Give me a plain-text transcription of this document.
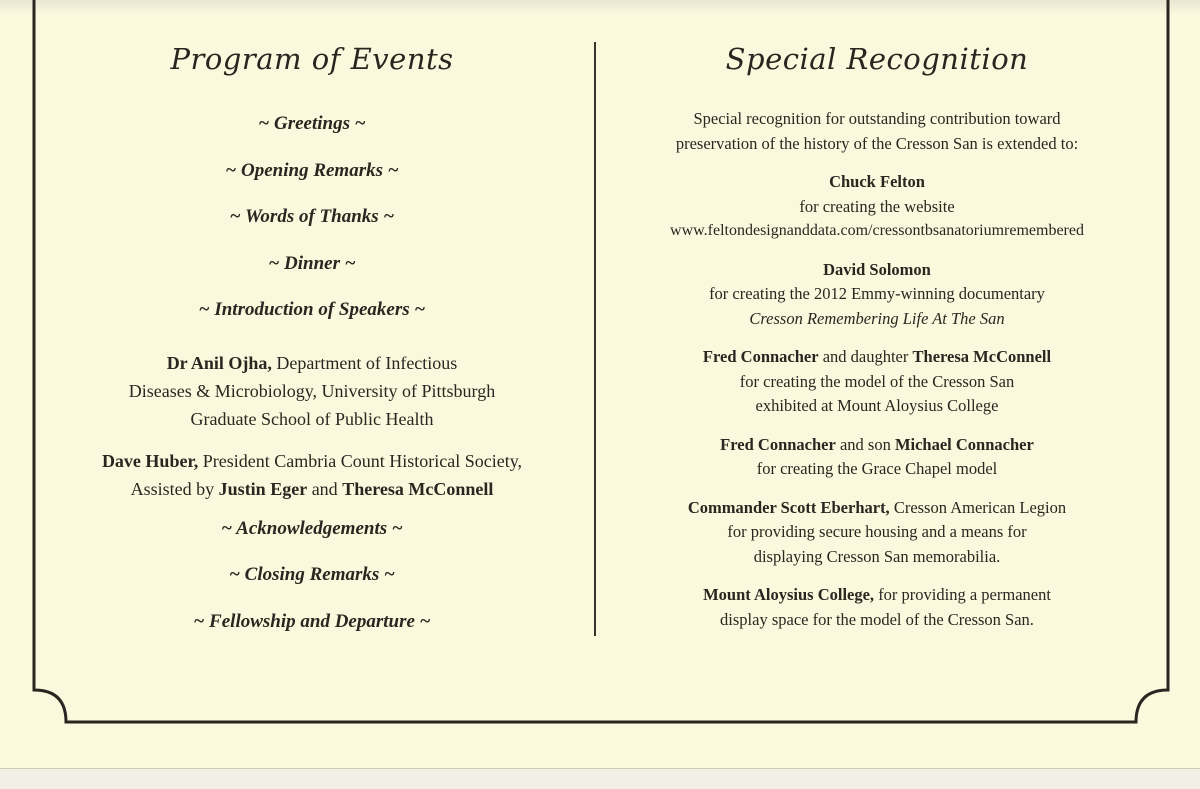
Program of Events
~ Greetings ~
~ Opening Remarks ~
~ Words of Thanks ~
~ Dinner ~
~ Introduction of Speakers ~
Dr Anil Ojha, Department of Infectious
Diseases & Microbiology, University of Pittsburgh
Graduate School of Public Health
Dave Huber, President Cambria Count Historical Society,
Assisted by Justin Eger and Theresa McConnell
~ Acknowledgements ~
~ Closing Remarks ~
~ Fellowship and Departure ~
Special Recognition
Special recognition for outstanding contribution toward
preservation of the history of the Cresson San is extended to:
Chuck Felton
for creating the website
www.feltondesignanddata.com/cressontbsanatoriumremembered
David Solomon
for creating the 2012 Emmy-winning documentary
Cresson Remembering Life At The San
Fred Connacher and daughter Theresa McConnell
for creating the model of the Cresson San
exhibited at Mount Aloysius College
Fred Connacher and son Michael Connacher
for creating the Grace Chapel model
Commander Scott Eberhart, Cresson American Legion
for providing secure housing and a means for
displaying Cresson San memorabilia.
Mount Aloysius College, for providing a permanent
display space for the model of the Cresson San.
